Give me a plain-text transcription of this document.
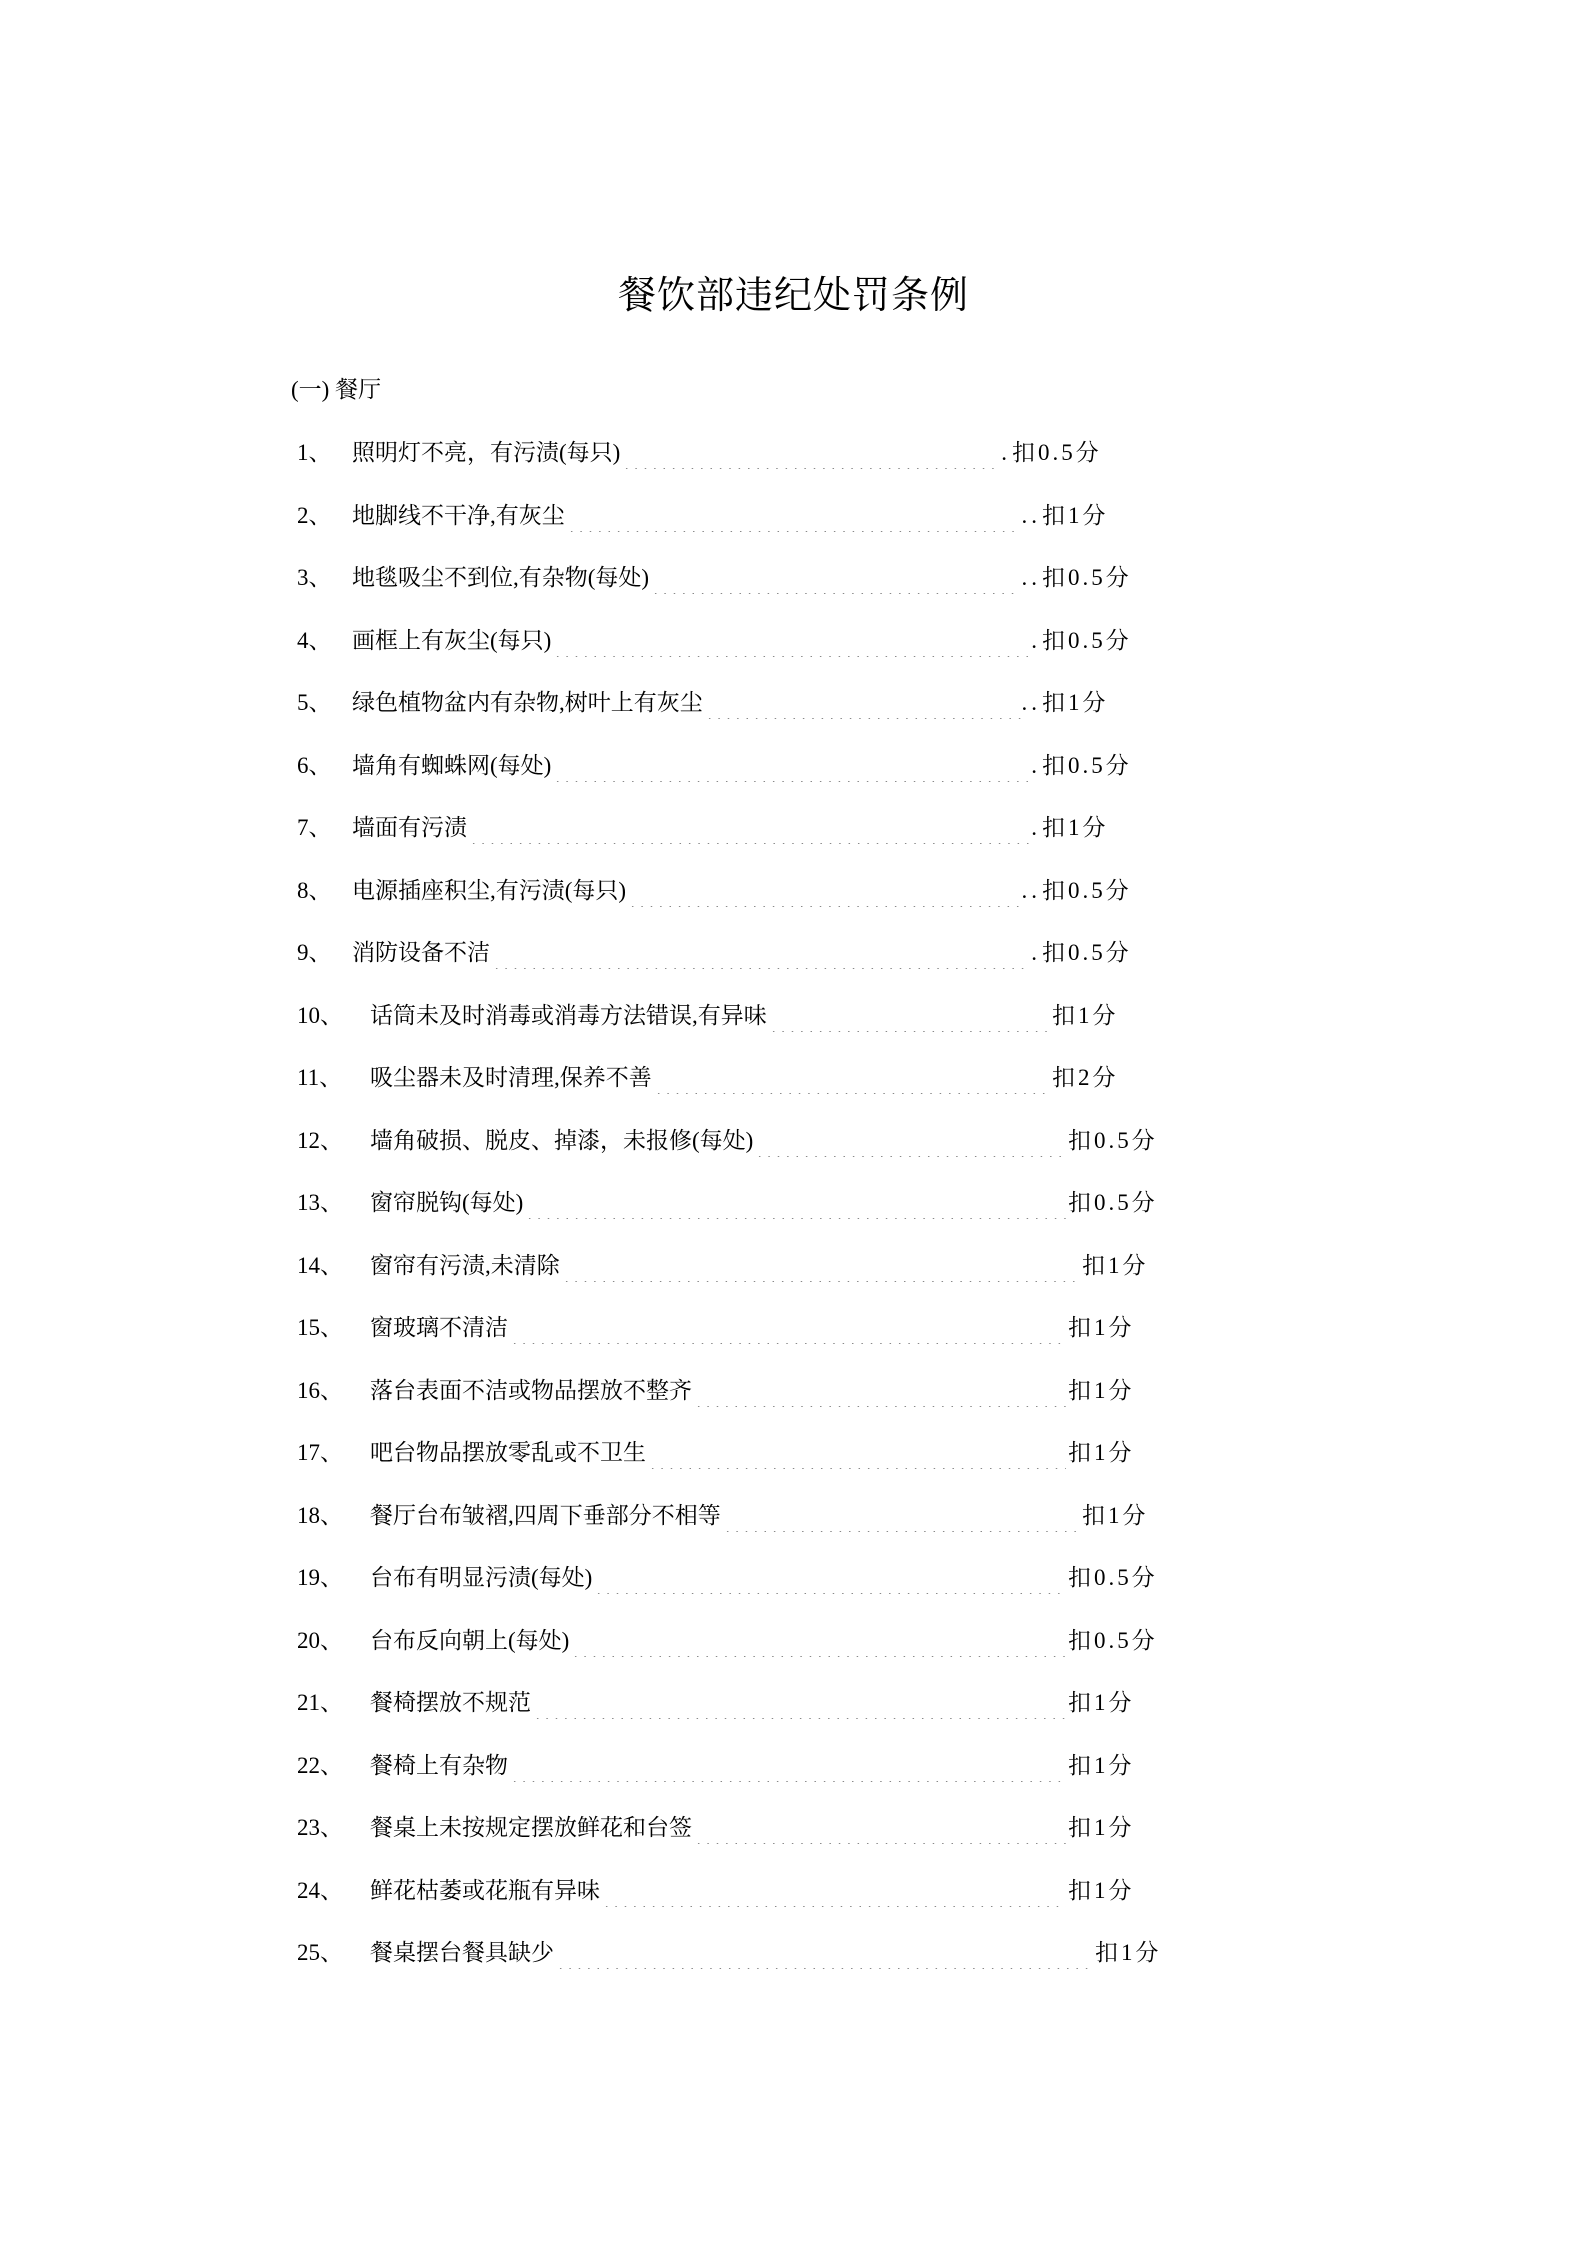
餐饮部违纪处罚条例
(一) 餐厅
1、 照明灯不亮，有污渍(每只)	. 扣0.5分
2、 地脚线不干净,有灰尘	.. 扣1分
3、 地毯吸尘不到位,有杂物(每处)	.. 扣0.5分
4、 画框上有灰尘(每只)	. 扣0.5分
5、 绿色植物盆内有杂物,树叶上有灰尘	.. 扣1分
6、 墙角有蜘蛛网(每处)	. 扣0.5分
7、 墙面有污渍	. 扣1分
8、 电源插座积尘,有污渍(每只)	.. 扣0.5分
9、 消防设备不洁	. 扣0.5分
10、 话筒未及时消毒或消毒方法错误,有异味	扣1分
11、 吸尘器未及时清理,保养不善	扣2分
12、 墙角破损、脱皮、掉漆，未报修(每处)	扣0.5分
13、 窗帘脱钩(每处)	扣0.5分
14、 窗帘有污渍,未清除	扣1分
15、 窗玻璃不清洁	扣1分
16、 落台表面不洁或物品摆放不整齐	扣1分
17、 吧台物品摆放零乱或不卫生	扣1分
18、 餐厅台布皱褶,四周下垂部分不相等	扣1分
19、 台布有明显污渍(每处)	扣0.5分
20、 台布反向朝上(每处)	扣0.5分
21、 餐椅摆放不规范	扣1分
22、 餐椅上有杂物	扣1分
23、 餐桌上未按规定摆放鲜花和台签	扣1分
24、 鲜花枯萎或花瓶有异味	扣1分
25、 餐桌摆台餐具缺少	扣1分
